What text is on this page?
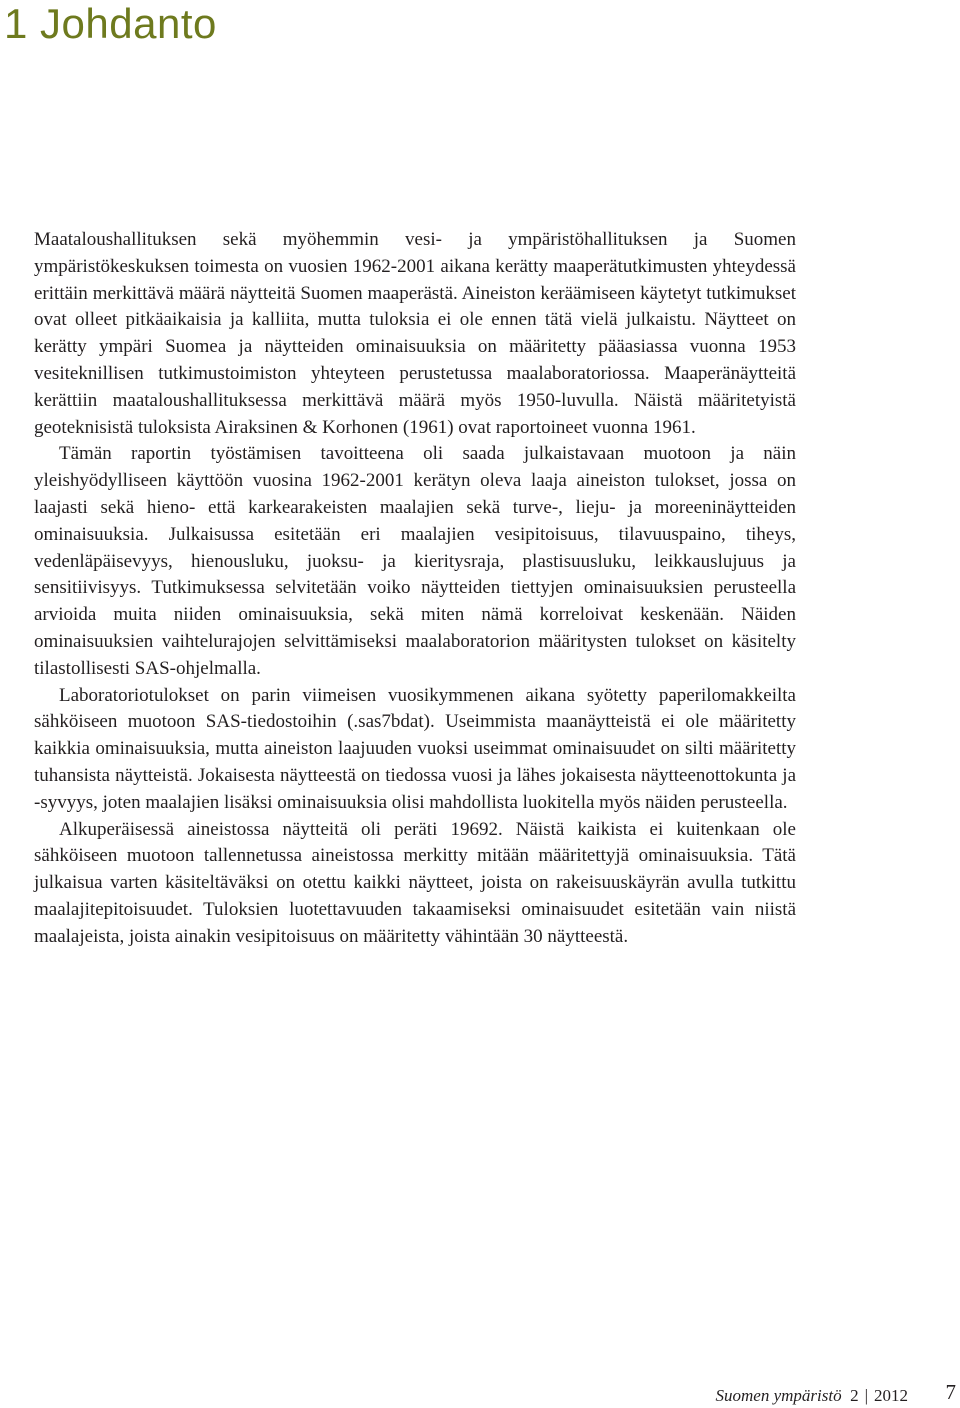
1 Johdanto

Maataloushallituksen sekä myöhemmin vesi- ja ympäristöhallituksen ja Suomen ympäristökeskuksen toimesta on vuosien 1962-2001 aikana kerätty maaperätutkimusten yhteydessä erittäin merkittävä määrä näytteitä Suomen maaperästä. Aineiston keräämiseen käytetyt tutkimukset ovat olleet pitkäaikaisia ja kalliita, mutta tuloksia ei ole ennen tätä vielä julkaistu. Näytteet on kerätty ympäri Suomea ja näytteiden ominaisuuksia on määritetty pääasiassa vuonna 1953 vesiteknillisen tutkimustoimiston yhteyteen perustetussa maalaboratoriossa. Maaperänäytteitä kerättiin maataloushallituksessa merkittävä määrä myös 1950-luvulla. Näistä määritetyistä geoteknisistä tuloksista Airaksinen & Korhonen (1961) ovat raportoineet vuonna 1961.

Tämän raportin työstämisen tavoitteena oli saada julkaistavaan muotoon ja näin yleishyödylliseen käyttöön vuosina 1962-2001 kerätyn oleva laaja aineiston tulokset, jossa on laajasti sekä hieno- että karkearakeisten maalajien sekä turve-, lieju- ja moreeninäytteiden ominaisuuksia. Julkaisussa esitetään eri maalajien vesipitoisuus, tilavuuspaino, tiheys, vedenläpäisevyys, hienousluku, juoksu- ja kieritysraja, plastisuusluku, leikkauslujuus ja sensitiivisyys. Tutkimuksessa selvitetään voiko näytteiden tiettyjen ominaisuuksien perusteella arvioida muita niiden ominaisuuksia, sekä miten nämä korreloivat keskenään. Näiden ominaisuuksien vaihtelurajojen selvittämiseksi maalaboratorion määritysten tulokset on käsitelty tilastollisesti SAS-ohjelmalla.

Laboratoriotulokset on parin viimeisen vuosikymmenen aikana syötetty paperilomakkeilta sähköiseen muotoon SAS-tiedostoihin (.sas7bdat). Useimmista maanäytteistä ei ole määritetty kaikkia ominaisuuksia, mutta aineiston laajuuden vuoksi useimmat ominaisuudet on silti määritetty tuhansista näytteistä. Jokaisesta näytteestä on tiedossa vuosi ja lähes jokaisesta näytteenottokunta ja -syvyys, joten maalajien lisäksi ominaisuuksia olisi mahdollista luokitella myös näiden perusteella.

Alkuperäisessä aineistossa näytteitä oli peräti 19692. Näistä kaikista ei kuitenkaan ole sähköiseen muotoon tallennetussa aineistossa merkitty mitään määritettyjä ominaisuuksia. Tätä julkaisua varten käsiteltäväksi on otettu kaikki näytteet, joista on rakeisuuskäyrän avulla tutkittu maalajitepitoisuudet. Tuloksien luotettavuuden takaamiseksi ominaisuudet esitetään vain niistä maalajeista, joista ainakin vesipitoisuus on määritetty vähintään 30 näytteestä.

Suomen ympäristö 2 | 2012 7
